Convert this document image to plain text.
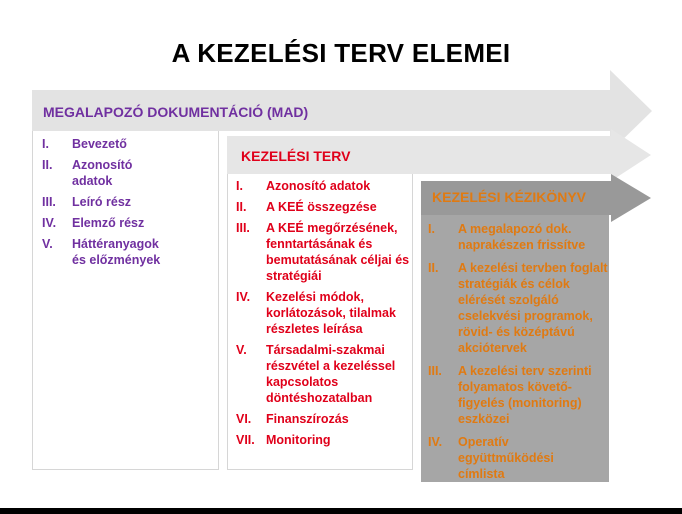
A KEZELÉSI TERV ELEMEI
MEGALAPOZÓ DOKUMENTÁCIÓ (MAD)
KEZELÉSI TERV
KEZELÉSI KÉZIKÖNYV
I.	Bevezető
II.	Azonosító adatok
III.	Leíró rész
IV.	Elemző rész
V.	Háttéranyagok és előzmények
I.	Azonosító adatok
II.	A KEÉ összegzése
III.	A KEÉ megőrzésének, fenntartásának és bemutatásának céljai és stratégiái
IV.	Kezelési módok, korlátozások, tilalmak részletes leírása
V.	Társadalmi-szakmai részvétel a kezeléssel kapcsolatos döntéshozatalban
VI.	Finanszírozás
VII. Monitoring
I.	A megalapozó dok. naprakészen frissítve
II.	A kezelési tervben foglalt stratégiák és célok elérését szolgáló cselekvési programok, rövid- és középtávú akciótervek
III.	A kezelési terv szerinti folyamatos követő-figyelés (monitoring) eszközei
IV.	Operatív együttműködési címlista
